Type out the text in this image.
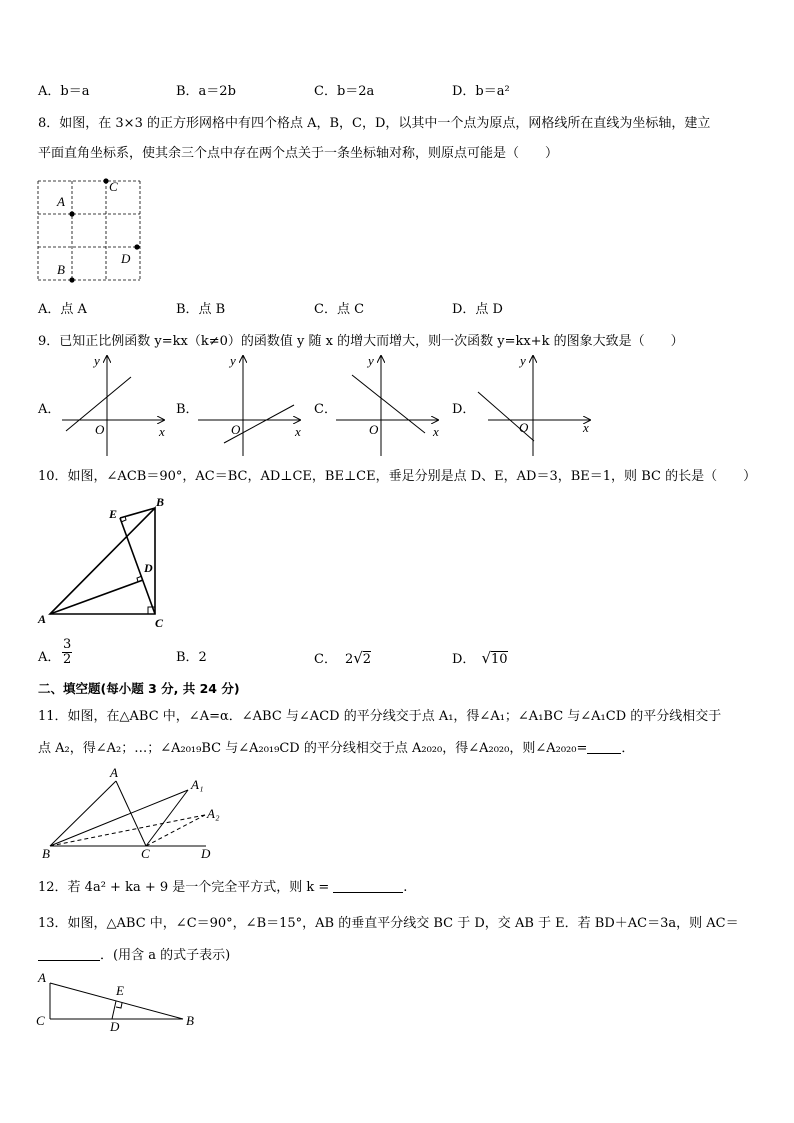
A．b＝a	B．a＝2b	C．b＝2a	D．b＝a²
8．如图，在 3×3 的正方形网格中有四个格点 A，B，C，D，以其中一个点为原点，网格线所在直线为坐标轴，建立
平面直角坐标系，使其余三个点中存在两个点关于一条坐标轴对称，则原点可能是（　　）
C
A
D
B
A．点 A	B．点 B	C．点 C	D．点 D
9．已知正比例函数 y=kx（k≠0）的函数值 y 随 x 的增大而增大，则一次函数 y=kx+k 的图象大致是（　　）
A．	B．	C．	D．
y
x
O
y
x
O
y
x
O
y
x
O
10．如图，∠ACB＝90°，AC＝BC，AD⊥CE，BE⊥CE，垂足分别是点 D、E，AD＝3，BE＝1，则 BC 的长是（　　）
B
E
D
A	C
A． $\frac{3}{2}$	B．2	C． 2√2	D． √10
二、填空题(每小题 3 分, 共 24 分)
11．如图，在△ABC 中，∠A=α．∠ABC 与∠ACD 的平分线交于点 A₁，得∠A₁；∠A₁BC 与∠A₁CD 的平分线相交于
点 A₂，得∠A₂；…；∠A₂₀₁₉BC 与∠A₂₀₁₉CD 的平分线相交于点 A₂₀₂₀，得∠A₂₀₂₀，则∠A₂₀₂₀=	．
A
A₁
A₂
B	C	D
12．若 4a² + ka + 9 是一个完全平方式，则 k =	.
13．如图，△ABC 中，∠C＝90°，∠B＝15°，AB 的垂直平分线交 BC 于 D，交 AB 于 E．若 BD＋AC＝3a，则 AC＝
．(用含 a 的式子表示)
A
E
C	D	B
